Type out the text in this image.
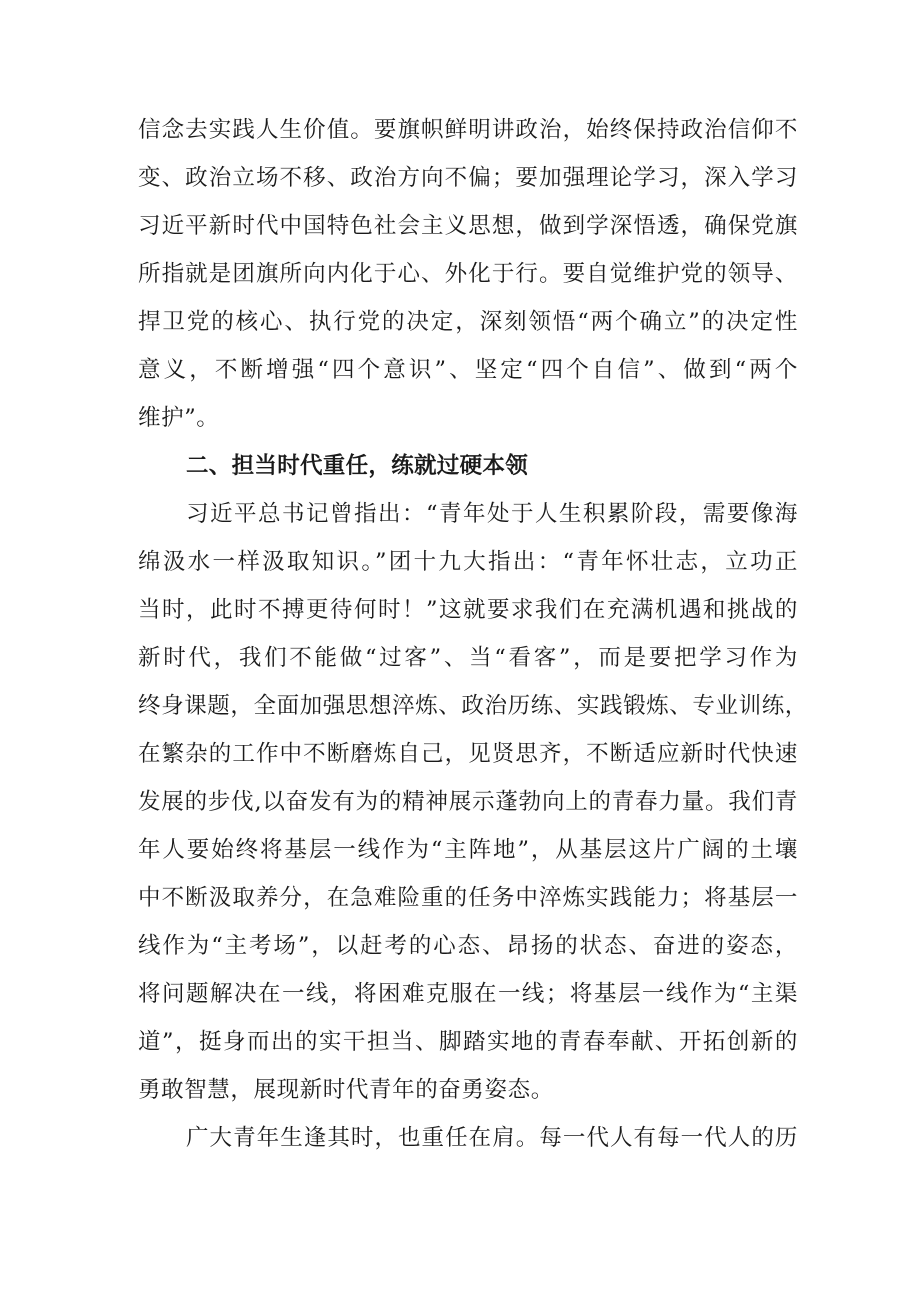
信念去实践人生价值。要旗帜鲜明讲政治，始终保持政治信仰不
变、政治立场不移、政治方向不偏；要加强理论学习，深入学习
习近平新时代中国特色社会主义思想，做到学深悟透，确保党旗
所指就是团旗所向内化于心、外化于行。要自觉维护党的领导、
捍卫党的核心、执行党的决定，深刻领悟“两个确立”的决定性
意义，不断增强“四个意识”、坚定“四个自信”、做到“两个
维护”。
二、担当时代重任，练就过硬本领
习近平总书记曾指出：“青年处于人生积累阶段，需要像海
绵汲水一样汲取知识。”团十九大指出：“青年怀壮志，立功正
当时，此时不搏更待何时！”这就要求我们在充满机遇和挑战的
新时代，我们不能做“过客”、当“看客”，而是要把学习作为
终身课题，全面加强思想淬炼、政治历练、实践锻炼、专业训练，
在繁杂的工作中不断磨炼自己，见贤思齐，不断适应新时代快速
发展的步伐,以奋发有为的精神展示蓬勃向上的青春力量。我们青
年人要始终将基层一线作为“主阵地”，从基层这片广阔的土壤
中不断汲取养分，在急难险重的任务中淬炼实践能力；将基层一
线作为“主考场”，以赶考的心态、昂扬的状态、奋进的姿态，
将问题解决在一线，将困难克服在一线；将基层一线作为“主渠
道”，挺身而出的实干担当、脚踏实地的青春奉献、开拓创新的
勇敢智慧，展现新时代青年的奋勇姿态。
广大青年生逢其时，也重任在肩。每一代人有每一代人的历
